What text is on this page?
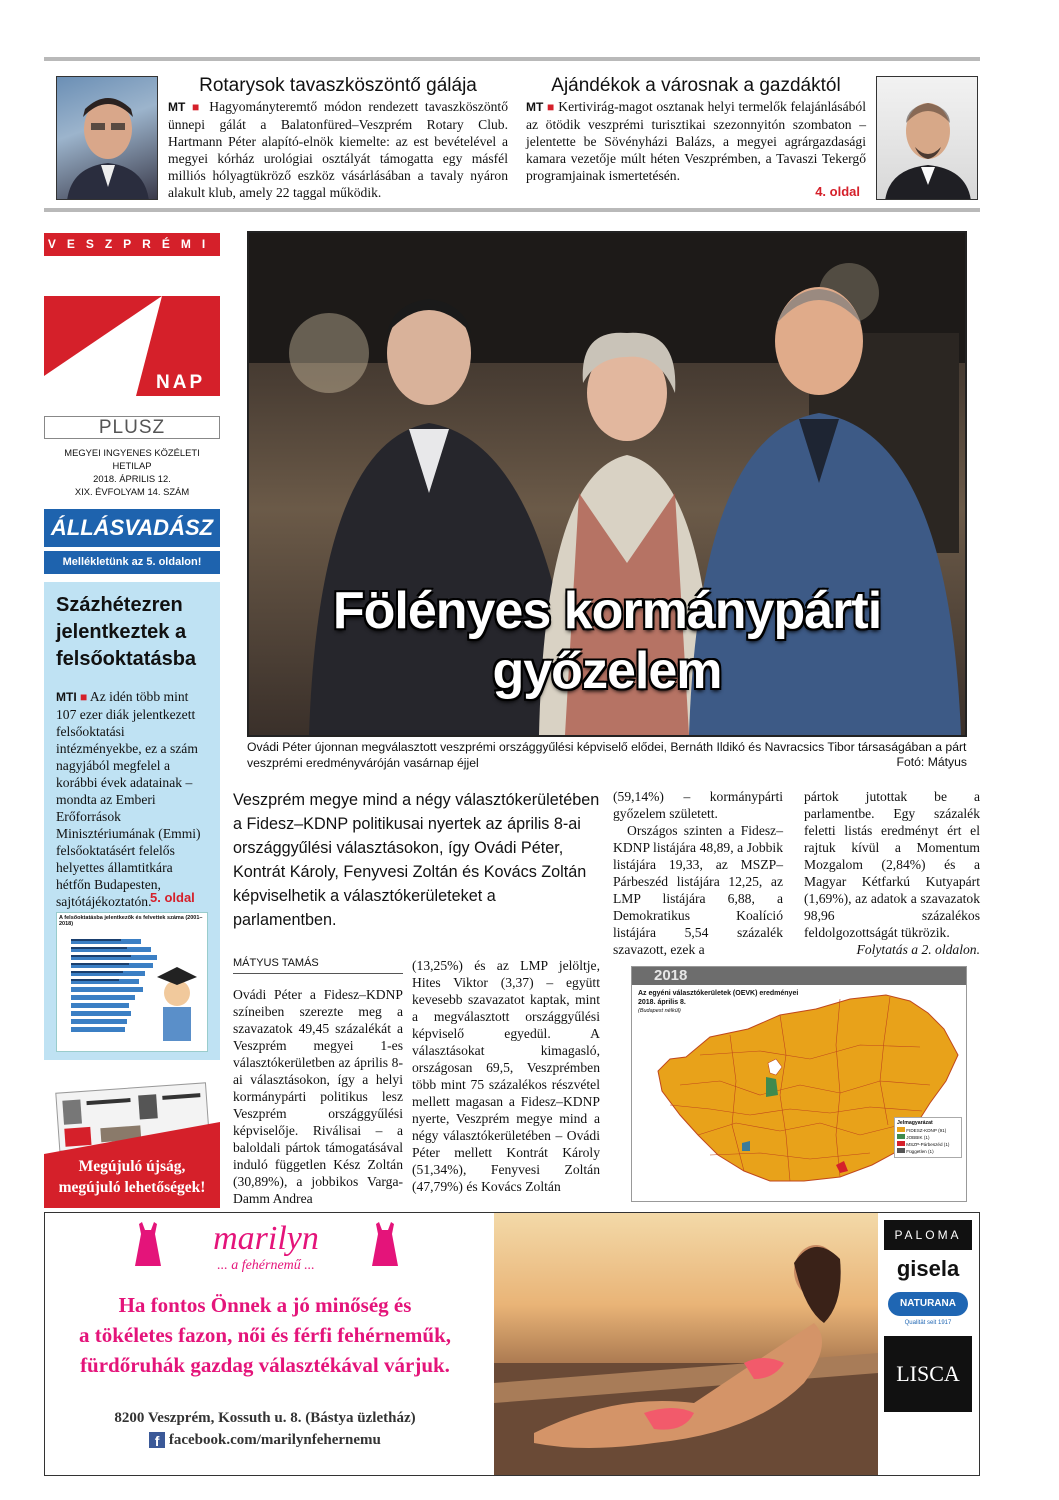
Rotarysok tavaszköszöntő gálája
MT ■ Hagyományteremtő módon rendezett tavaszköszöntő ünnepi gálát a Balatonfüred–Veszprém Rotary Club. Hartmann Péter alapító-elnök kiemelte: az est bevételével a megyei kórház urológiai osztályát támogatta egy másfél milliós hólyagtükröző eszköz vásárlásában a tavaly nyáron alakult klub, amely 22 taggal működik.
Ajándékok a városnak a gazdáktól
MT ■ Kertivirág-magot osztanak helyi termelők felajánlásából az ötödik veszprémi turisztikai szezonnyitón szombaton – jelentette be Sövényházi Balázs, a megyei agrárgazdasági kamara vezetője múlt héten Veszprémben, a Tavaszi Tekergő programjainak ismertetésén.
4. oldal
VESZPRÉMI
NAP
PLUSZ
MEGYEI INGYENES KÖZÉLETI HETILAP
2018. ÁPRILIS 12.
XIX. ÉVFOLYAM 14. SZÁM
ÁLLÁSVADÁSZ
Mellékletünk az 5. oldalon!
Százhétezren jelentkeztek a felsőoktatásba
MTI ■ Az idén több mint 107 ezer diák jelentkezett felsőoktatási intézményekbe, ez a szám nagyjából megfelel a korábbi évek adatainak – mondta az Emberi Erőforrások Minisztériumának (Emmi) felsőoktatásért felelős helyettes államtitkára hétfőn Budapesten, sajtótájékoztatón.
5. oldal
A felsőoktatásba jelentkezők és felvettek száma (2001–2018)
Megújuló újság,
megújuló lehetőségek!
Fölényes kormánypárti
győzelem
Ovádi Péter újonnan megválasztott veszprémi országgyűlési képviselő elődei, Bernáth Ildikó és Navracsics Tibor társaságában a párt veszprémi eredményváróján vasárnap éjjel	Fotó: Mátyus
Veszprém megye mind a négy választókerületében a Fidesz–KDNP politikusai nyertek az április 8-ai országgyűlési választásokon, így Ovádi Péter, Kontrát Károly, Fenyvesi Zoltán és Kovács Zoltán képviselhetik a választókerületeket a parlamentben.
MÁTYUS TAMÁS

Ovádi Péter a Fidesz–KDNP színeiben szerezte meg a szavazatok 49,45 százalékát a Veszprém megyei 1-es választókerületben az április 8-ai választásokon, így a helyi kormánypárti politikus lesz Veszprém országgyűlési képviselője. Riválisai – a baloldali pártok támogatásával induló független Kész Zoltán (30,89%), a jobbikos Varga-Damm Andrea

(13,25%) és az LMP jelöltje, Hites Viktor (3,37) – együtt kevesebb szavazatot kaptak, mint a megválasztott országgyűlési képviselő egyedül. A választásokat kimagasló, országosan 69,5, Veszprémben több mint 75 százalékos részvétel mellett magasan a Fidesz–KDNP nyerte, Veszprém megye mind a négy választókerületében – Ovádi Péter mellett Kontrát Károly (51,34%), Fenyvesi Zoltán (47,79%) és Kovács Zoltán

(59,14%) – kormánypárti győzelem született.

Országos szinten a Fidesz–KDNP listájára 48,89, a Jobbik listájára 19,33, az MSZP–Párbeszéd listájára 12,25, az LMP listájára 6,88, a Demokratikus Koalíció listájára 5,54 százalék szavazott, ezek a

pártok jutottak be a parlamentbe. Egy százalék feletti listás eredményt ért el rajtuk kívül a Momentum Mozgalom (2,84%) és a Magyar Kétfarkú Kutyapárt (1,69%), az adatok a szavazatok 98,96 százalékos feldolgozottságát tükrözik.

Folytatás a 2. oldalon.

2018
Az egyéni választókerületek (OEVK) eredményei
2018. április 8.
(Budapest nélkül)
Jelmagyarázat
FIDESZ-KDNP (91)
JOBBIK (1)
MSZP-Párbeszéd (1)
Független (1)
marilyn
... a fehérnemű ...
Ha fontos Önnek a jó minőség és
a tökéletes fazon, női és férfi fehérneműk,
fürdőruhák gazdag választékával várjuk.
8200 Veszprém, Kossuth u. 8. (Bástya üzletház)
f facebook.com/marilynfehernemu
PALOMA
gisela
NATURANA
Qualität seit 1917
LISCA
